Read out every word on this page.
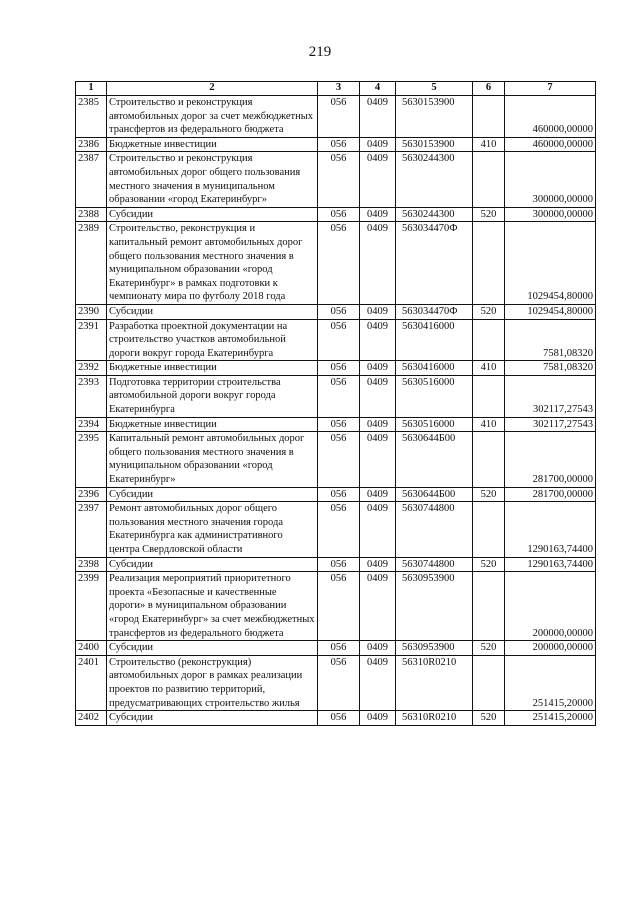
219
1	2	3	4	5	6	7
2385	Строительство и реконструкция автомобильных дорог за счет межбюджетных трансфертов из федерального бюджета	056	0409	5630153900		460000,00000
2386	Бюджетные инвестиции	056	0409	5630153900	410	460000,00000
2387	Строительство и реконструкция автомобильных дорог общего пользования местного значения в муниципальном образовании «город Екатеринбург»	056	0409	5630244300		300000,00000
2388	Субсидии	056	0409	5630244300	520	300000,00000
2389	Строительство, реконструкция и капитальный ремонт автомобильных дорог общего пользования местного значения в муниципальном образовании «город Екатеринбург» в рамках подготовки к чемпионату мира по футболу 2018 года	056	0409	563034470Ф		1029454,80000
2390	Субсидии	056	0409	563034470Ф	520	1029454,80000
2391	Разработка проектной документации на строительство участков автомобильной дороги вокруг города Екатеринбурга	056	0409	5630416000		7581,08320
2392	Бюджетные инвестиции	056	0409	5630416000	410	7581,08320
2393	Подготовка территории строительства автомобильной дороги вокруг города Екатеринбурга	056	0409	5630516000		302117,27543
2394	Бюджетные инвестиции	056	0409	5630516000	410	302117,27543
2395	Капитальный ремонт автомобильных дорог общего пользования местного значения в муниципальном образовании «город Екатеринбург»	056	0409	5630644Б00		281700,00000
2396	Субсидии	056	0409	5630644Б00	520	281700,00000
2397	Ремонт автомобильных дорог общего пользования местного значения города Екатеринбурга как административного центра Свердловской области	056	0409	5630744800		1290163,74400
2398	Субсидии	056	0409	5630744800	520	1290163,74400
2399	Реализация мероприятий приоритетного проекта «Безопасные и качественные дороги» в муниципальном образовании «город Екатеринбург» за счет межбюджетных трансфертов из федерального бюджета	056	0409	5630953900		200000,00000
2400	Субсидии	056	0409	5630953900	520	200000,00000
2401	Строительство (реконструкция) автомобильных дорог в рамках реализации проектов по развитию территорий, предусматривающих строительство жилья	056	0409	56310R0210		251415,20000
2402	Субсидии	056	0409	56310R0210	520	251415,20000
